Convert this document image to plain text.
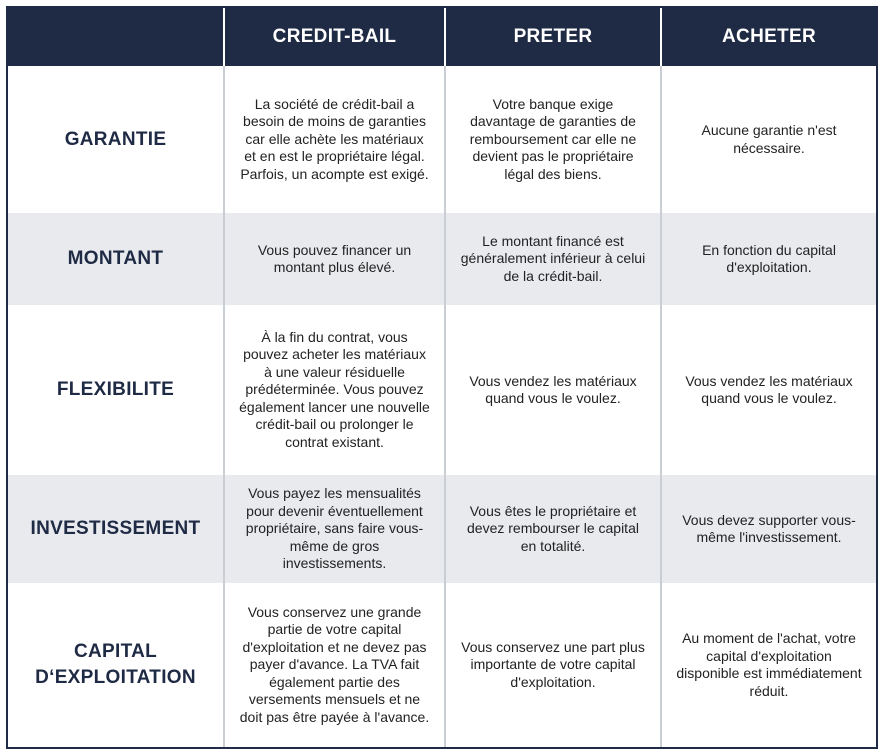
	CREDIT-BAIL	PRETER	ACHETER

GARANTIE	La société de crédit-bail a besoin de moins de garanties car elle achète les matériaux et en est le propriétaire légal. Parfois, un acompte est exigé.	Votre banque exige davantage de garanties de remboursement car elle ne devient pas le propriétaire légal des biens.	Aucune garantie n'est nécessaire.

MONTANT	Vous pouvez financer un montant plus élevé.	Le montant financé est généralement inférieur à celui de la crédit-bail.	En fonction du capital d'exploitation.

FLEXIBILITE	À la fin du contrat, vous pouvez acheter les matériaux à une valeur résiduelle prédéterminée. Vous pouvez également lancer une nouvelle crédit-bail ou prolonger le contrat existant.	Vous vendez les matériaux quand vous le voulez.	Vous vendez les matériaux quand vous le voulez.

INVESTISSEMENT	Vous payez les mensualités pour devenir éventuellement propriétaire, sans faire vous-même de gros investissements.	Vous êtes le propriétaire et devez rembourser le capital en totalité.	Vous devez supporter vous-même l'investissement.

CAPITAL D‘EXPLOITATION	Vous conservez une grande partie de votre capital d'exploitation et ne devez pas payer d'avance. La TVA fait également partie des versements mensuels et ne doit pas être payée à l'avance.	Vous conservez une part plus importante de votre capital d'exploitation.	Au moment de l'achat, votre capital d'exploitation disponible est immédiatement réduit.
